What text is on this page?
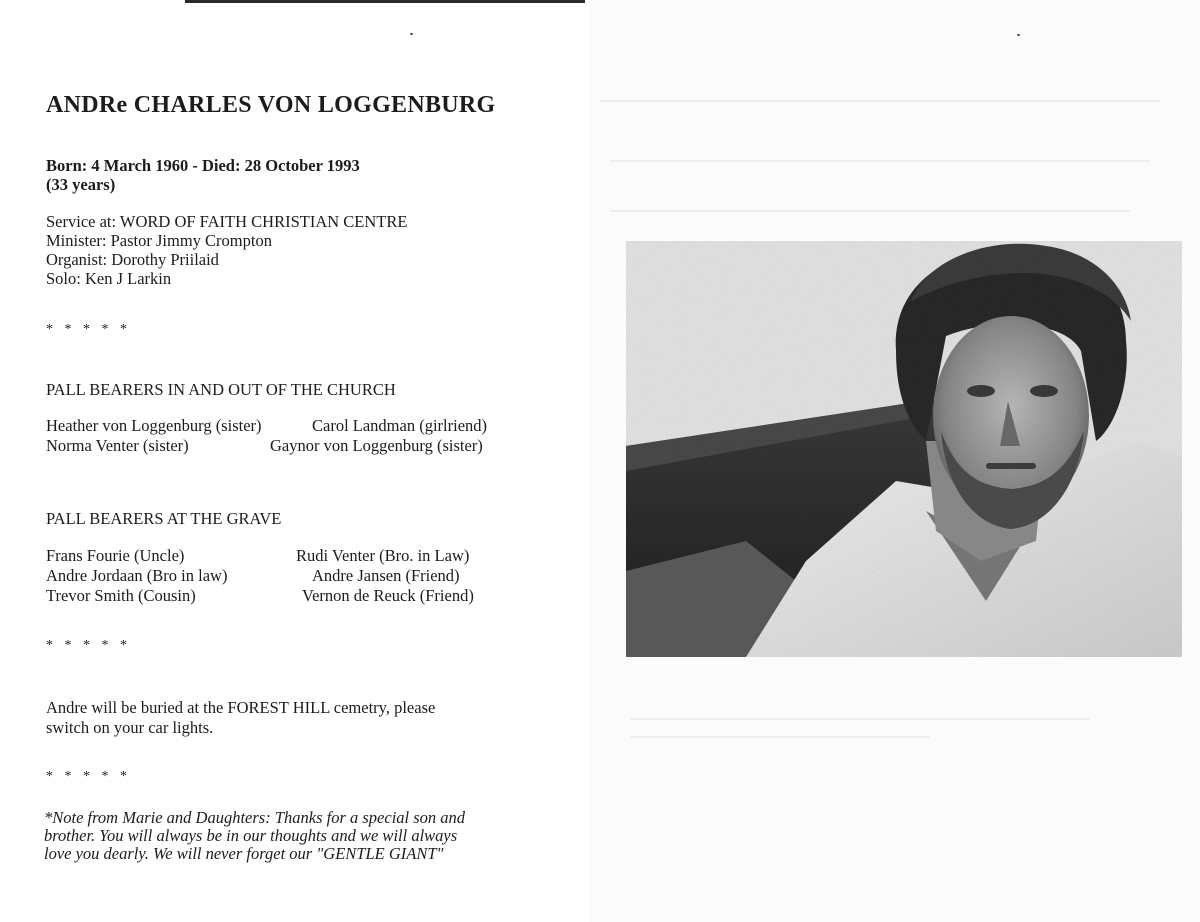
ANDRe CHARLES VON LOGGENBURG
Born: 4 March 1960 - Died: 28 October 1993
(33 years)
Service at: WORD OF FAITH CHRISTIAN CENTRE
Minister: Pastor Jimmy Crompton
Organist: Dorothy Priilaid
Solo: Ken J Larkin
* * * * *
PALL BEARERS IN AND OUT OF THE CHURCH
Heather von Loggenburg (sister)	Carol Landman (girlriend)
Norma Venter (sister)	Gaynor von Loggenburg (sister)
PALL BEARERS AT THE GRAVE
Frans Fourie (Uncle)	Rudi Venter (Bro. in Law)
Andre Jordaan (Bro in law)	Andre Jansen (Friend)
Trevor Smith (Cousin)	Vernon de Reuck (Friend)
* * * * *
Andre will be buried at the FOREST HILL cemetry, please
switch on your car lights.
* * * * *
*Note from Marie and Daughters: Thanks for a special son and
brother. You will always be in our thoughts and we will always
love you dearly. We will never forget our "GENTLE GIANT"
